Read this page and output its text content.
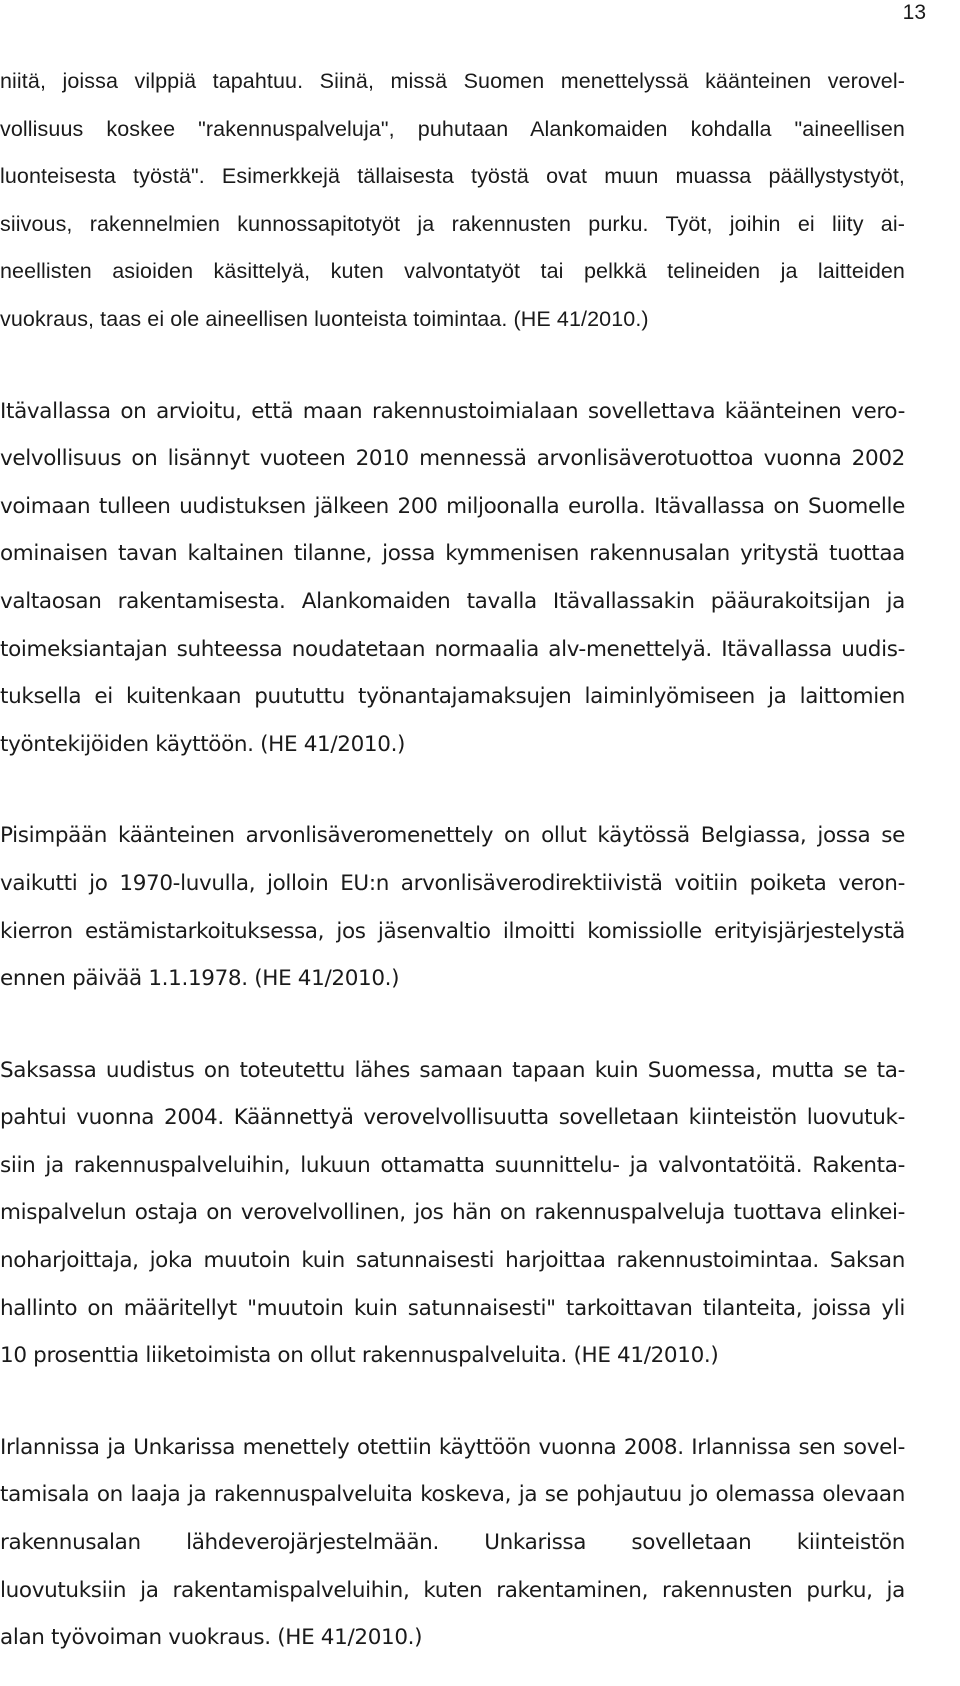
13
niitä, joissa vilppiä tapahtuu. Siinä, missä Suomen menettelyssä käänteinen verovel-
vollisuus koskee "rakennuspalveluja", puhutaan Alankomaiden kohdalla "aineellisen
luonteisesta työstä". Esimerkkejä tällaisesta työstä ovat muun muassa päällystystyöt,
siivous, rakennelmien kunnossapitotyöt ja rakennusten purku. Työt, joihin ei liity ai-
neellisten asioiden käsittelyä, kuten valvontatyöt tai pelkkä telineiden ja laitteiden
vuokraus, taas ei ole aineellisen luonteista toimintaa. (HE 41/2010.)
Itävallassa on arvioitu, että maan rakennustoimialaan sovellettava käänteinen vero-
velvollisuus on lisännyt vuoteen 2010 mennessä arvonlisäverotuottoa vuonna 2002
voimaan tulleen uudistuksen jälkeen 200 miljoonalla eurolla. Itävallassa on Suomelle
ominaisen tavan kaltainen tilanne, jossa kymmenisen rakennusalan yritystä tuottaa
valtaosan rakentamisesta. Alankomaiden tavalla Itävallassakin pääurakoitsijan ja
toimeksiantajan suhteessa noudatetaan normaalia alv-menettelyä. Itävallassa uudis-
tuksella ei kuitenkaan puututtu työnantajamaksujen laiminlyömiseen ja laittomien
työntekijöiden käyttöön. (HE 41/2010.)
Pisimpään käänteinen arvonlisäveromenettely on ollut käytössä Belgiassa, jossa se
vaikutti jo 1970-luvulla, jolloin EU:n arvonlisäverodirektiivistä voitiin poiketa veron-
kierron estämistarkoituksessa, jos jäsenvaltio ilmoitti komissiolle erityisjärjestelystä
ennen päivää 1.1.1978. (HE 41/2010.)
Saksassa uudistus on toteutettu lähes samaan tapaan kuin Suomessa, mutta se ta-
pahtui vuonna 2004. Käännettyä verovelvollisuutta sovelletaan kiinteistön luovutuk-
siin ja rakennuspalveluihin, lukuun ottamatta suunnittelu- ja valvontatöitä. Rakenta-
mispalvelun ostaja on verovelvollinen, jos hän on rakennuspalveluja tuottava elinkei-
noharjoittaja, joka muutoin kuin satunnaisesti harjoittaa rakennustoimintaa. Saksan
hallinto on määritellyt "muutoin kuin satunnaisesti" tarkoittavan tilanteita, joissa yli
10 prosenttia liiketoimista on ollut rakennuspalveluita. (HE 41/2010.)
Irlannissa ja Unkarissa menettely otettiin käyttöön vuonna 2008. Irlannissa sen sovel-
tamisala on laaja ja rakennuspalveluita koskeva, ja se pohjautuu jo olemassa olevaan
rakennusalan lähdeverojärjestelmään. Unkarissa sovelletaan kiinteistön
luovutuksiin ja rakentamispalveluihin, kuten rakentaminen, rakennusten purku, ja
alan työvoiman vuokraus. (HE 41/2010.)
